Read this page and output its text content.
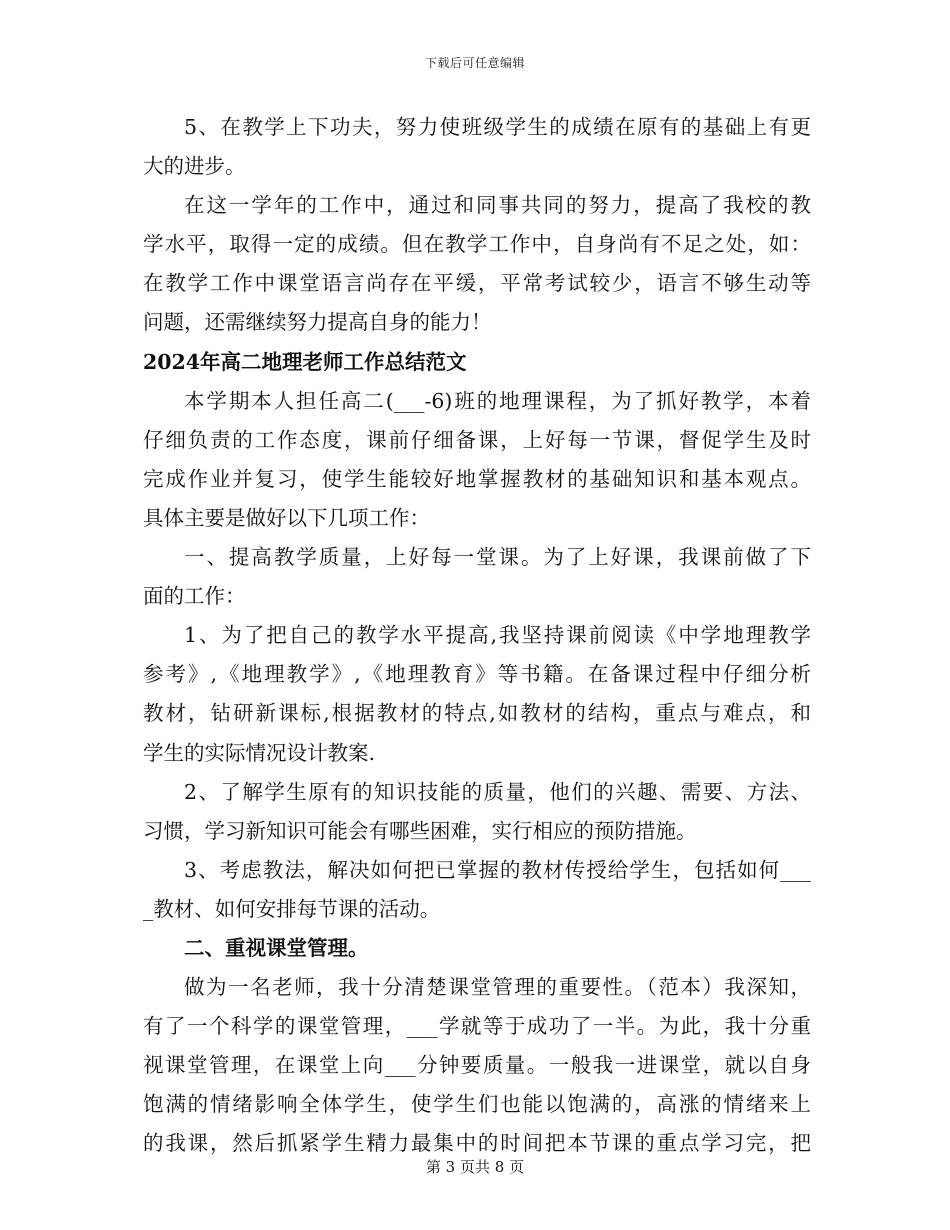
下载后可任意编辑
5、在教学上下功夫，努力使班级学生的成绩在原有的基础上有更
大的进步。
在这一学年的工作中，通过和同事共同的努力，提高了我校的教
学水平，取得一定的成绩。但在教学工作中，自身尚有不足之处，如：
在教学工作中课堂语言尚存在平缓，平常考试较少，语言不够生动等
问题，还需继续努力提高自身的能力！
2024年高二地理老师工作总结范文
本学期本人担任高二(___-6)班的地理课程，为了抓好教学，本着
仔细负责的工作态度，课前仔细备课，上好每一节课，督促学生及时
完成作业并复习，使学生能较好地掌握教材的基础知识和基本观点。
具体主要是做好以下几项工作：
一、提高教学质量，上好每一堂课。为了上好课，我课前做了下
面的工作：
1、为了把自己的教学水平提高,我坚持课前阅读《中学地理教学
参考》,《地理教学》,《地理教育》等书籍。在备课过程中仔细分析
教材，钻研新课标,根据教材的特点,如教材的结构，重点与难点，和
学生的实际情况设计教案.
2、了解学生原有的知识技能的质量，他们的兴趣、需要、方法、
习惯，学习新知识可能会有哪些困难，实行相应的预防措施。
3、考虑教法，解决如何把已掌握的教材传授给学生，包括如何___
_教材、如何安排每节课的活动。
二、重视课堂管理。
做为一名老师，我十分清楚课堂管理的重要性。（范本）我深知，
有了一个科学的课堂管理，___学就等于成功了一半。为此，我十分重
视课堂管理，在课堂上向___分钟要质量。一般我一进课堂，就以自身
饱满的情绪影响全体学生，使学生们也能以饱满的，高涨的情绪来上
的我课，然后抓紧学生精力最集中的时间把本节课的重点学习完，把
第 3 页共 8 页
